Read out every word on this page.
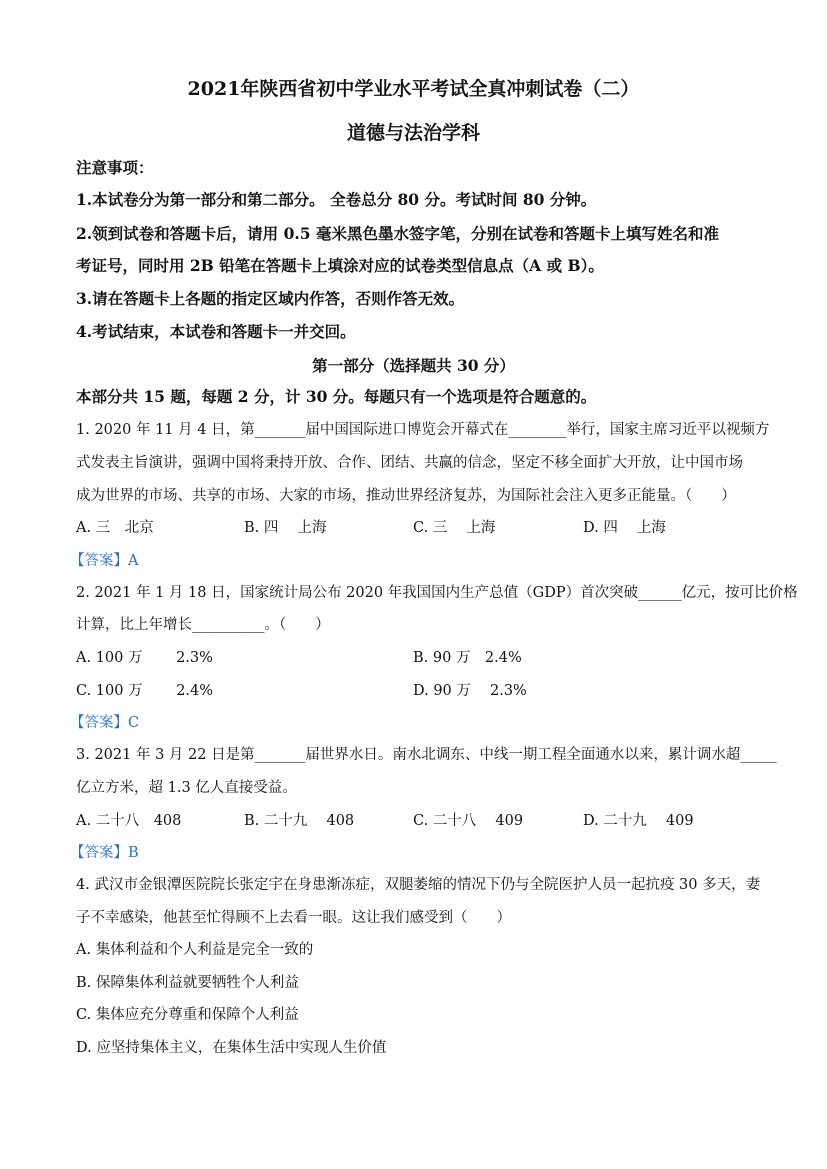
2021年陕西省初中学业水平考试全真冲刺试卷（二）
道德与法治学科
注意事项：
1.本试卷分为第一部分和第二部分。 全卷总分 80 分。考试时间 80 分钟。
2.领到试卷和答题卡后，请用 0.5 毫米黑色墨水签字笔，分别在试卷和答题卡上填写姓名和准
考证号，同时用 2B 铅笔在答题卡上填涂对应的试卷类型信息点（A 或 B）。
3.请在答题卡上各题的指定区域内作答，否则作答无效。
4.考试结束，本试卷和答题卡一并交回。
第一部分（选择题共 30 分）
本部分共 15 题，每题 2 分，计 30 分。每题只有一个选项是符合题意的。
1. 2020 年 11 月 4 日，第_______届中国国际进口博览会开幕式在________举行，国家主席习近平以视频方
式发表主旨演讲，强调中国将秉持开放、合作、团结、共赢的信念，坚定不移全面扩大开放，让中国市场
成为世界的市场、共享的市场、大家的市场，推动世界经济复苏，为国际社会注入更多正能量。（　　）
A. 三　北京	B. 四　 上海	C. 三　 上海	D. 四　 上海
【答案】A
2. 2021 年 1 月 18 日，国家统计局公布 2020 年我国国内生产总值（GDP）首次突破______亿元，按可比价格
计算，比上年增长__________。（　　）
A. 100 万　　 2.3%	B. 90 万　2.4%
C. 100 万　　 2.4%	D. 90 万　 2.3%
【答案】C
3. 2021 年 3 月 22 日是第_______届世界水日。南水北调东、中线一期工程全面通水以来，累计调水超_____
亿立方米，超 1.3 亿人直接受益。
A. 二十八　408	B. 二十九　 408	C. 二十八　 409	D. 二十九　 409
【答案】B
4. 武汉市金银潭医院院长张定宇在身患渐冻症，双腿萎缩的情况下仍与全院医护人员一起抗疫 30 多天，妻
子不幸感染，他甚至忙得顾不上去看一眼。这让我们感受到（　　）
A. 集体利益和个人利益是完全一致的
B. 保障集体利益就要牺牲个人利益
C. 集体应充分尊重和保障个人利益
D. 应坚持集体主义，在集体生活中实现人生价值
